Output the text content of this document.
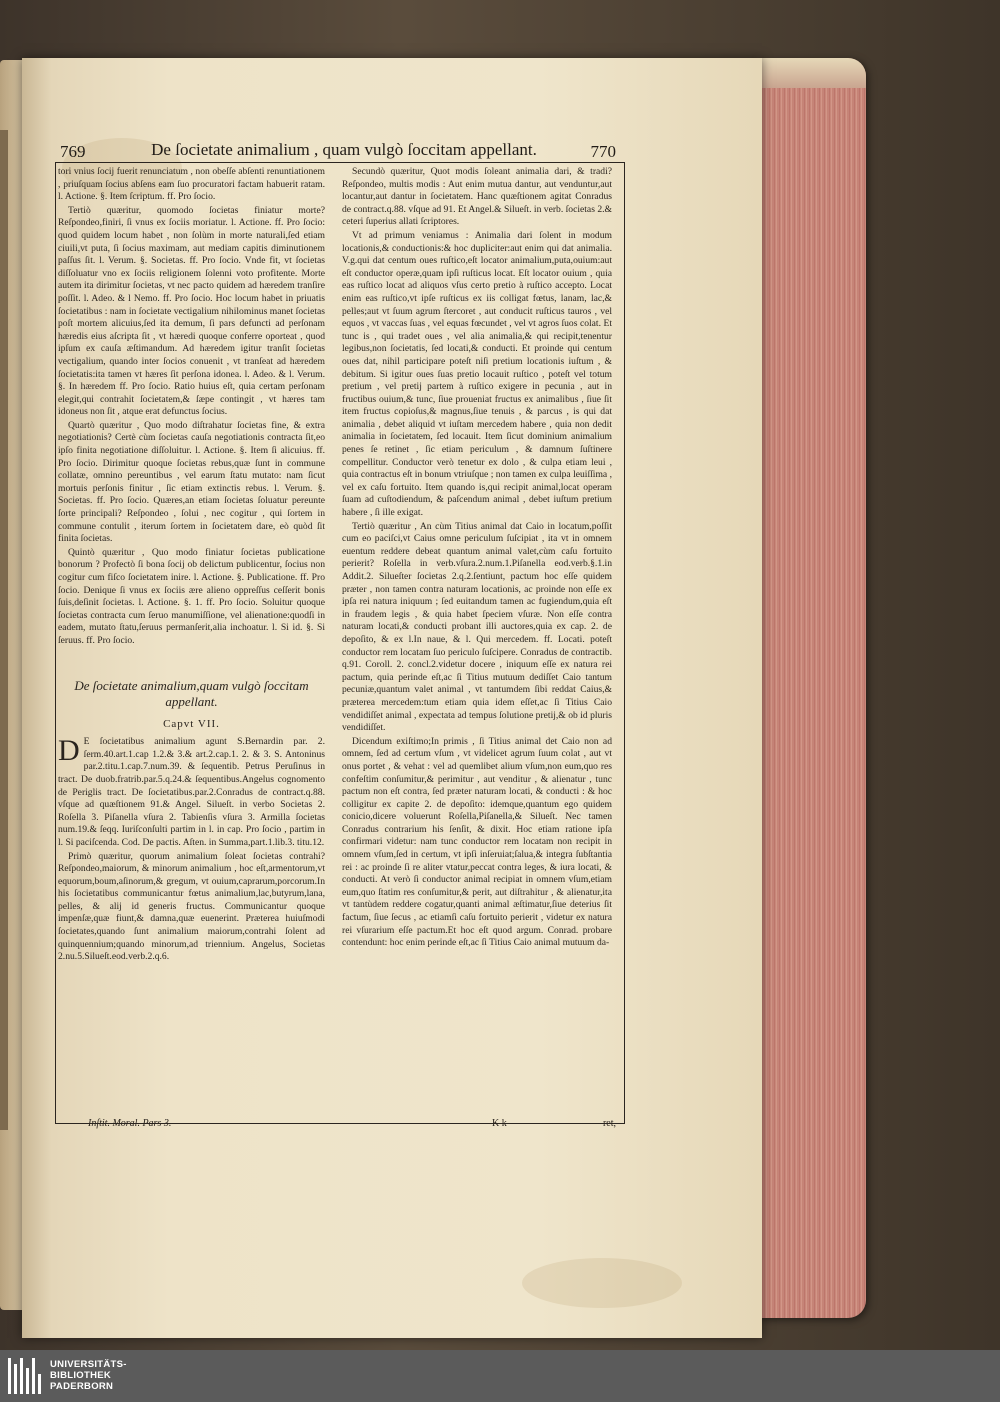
769	De ſocietate animalium , quam vulgò ſoccitam appellant.	770

tori vnius ſocij fuerit renunciatum , non obeſſe abſenti renuntiationem , priuſquam ſocius abſens eam ſuo procuratori factam habuerit ratam. l. Actione. §. Item ſcriptum. ff. Pro ſocio.

Tertiò quæritur, quomodo ſocietas finiatur morte? Reſpondeo,finiri, ſi vnus ex ſociis moriatur. l. Actione. ff. Pro ſocio: quod quidem locum habet , non ſolùm in morte naturali,ſed etiam ciuili,vt puta, ſi ſocius maximam, aut mediam capitis diminutionem paſſus ſit. l. Verum. §. Societas. ff. Pro ſocio. Vnde fit, vt ſocietas diſſoluatur vno ex ſociis religionem ſolenni voto profitente. Morte autem ita dirimitur ſocietas, vt nec pacto quidem ad hæredem tranſire poſſit. l. Adeo. & l Nemo. ff. Pro ſocio. Hoc locum habet in priuatis ſocietatibus : nam in ſocietate vectigalium nihilominus manet ſocietas poſt mortem alicuius,ſed ita demum, ſi pars defuncti ad perſonam hæredis eius aſcripta ſit , vt hæredi quoque conferre oporteat , quod ipſum ex cauſa æſtimandum. Ad hæredem igitur tranſit ſocietas vectigalium, quando inter ſocios conuenit , vt tranſeat ad hæredem ſocietatis:ita tamen vt hæres ſit perſona idonea. l. Adeo. & l. Verum. §. In hæredem ff. Pro ſocio. Ratio huius eſt, quia certam perſonam elegit,qui contrahit ſocietatem,& ſæpe contingit , vt hæres tam idoneus non ſit , atque erat defunctus ſocius.

Quartò quæritur , Quo modo diſtrahatur ſocietas fine, & extra negotiationis? Certè cùm ſocietas cauſa negotiationis contracta ſit,eo ipſo finita negotiatione diſſoluitur. l. Actione. §. Item ſi alicuius. ff. Pro ſocio. Dirimitur quoque ſocietas rebus,quæ ſunt in commune collatæ, omnino pereuntibus , vel earum ſtatu mutato: nam ſicut mortuis perſonis finitur , ſic etiam extinctis rebus. l. Verum. §. Societas. ff. Pro ſocio. Quæres,an etiam ſocietas ſoluatur pereunte ſorte principali? Reſpondeo , ſolui , nec cogitur , qui ſortem in commune contulit , iterum ſortem in ſocietatem dare, eò quòd ſit finita ſocietas.

Quintò quæritur , Quo modo finiatur ſocietas publicatione bonorum ? Profectò ſi bona ſocij ob delictum publicentur, ſocius non cogitur cum fiſco ſocietatem inire. l. Actione. §. Publicatione. ff. Pro ſocio. Denique ſi vnus ex ſociis ære alieno oppreſſus ceſſerit bonis ſuis,deſinit ſocietas. l. Actione. §. 1. ff. Pro ſocio. Soluitur quoque ſocietas contracta cum ſeruo manumiſſione, vel alienatione:quodſi in eadem, mutato ſtatu,ſeruus permanſerit,alia inchoatur. l. Si id. §. Si ſeruus. ff. Pro ſocio.

De ſocietate animalium,quam vulgò ſoccitam appellant.
Capvt VII.

D E ſocietatibus animalium agunt S.Bernardin par. 2. ſerm.40.art.1.cap 1.2.& 3.& art.2.cap.1. 2. & 3. S. Antoninus par.2.titu.1.cap.7.num.39. & ſequentib. Petrus Peruſinus in tract. De duob.fratrib.par.5.q.24.& ſequentibus.Angelus cognomento de Periglis tract. De ſocietatibus.par.2.Conradus de contract.q.88. vſque ad quæſtionem 91.& Angel. Silueſt. in verbo Societas 2. Roſella 3. Piſanella vſura 2. Tabienſis vſura 3. Armilla ſocietas num.19.& ſeqq. Iuriſconſulti partim in l. in cap. Pro ſocio , partim in l. Si paciſcenda. Cod. De pactis. Aſten. in Summa,part.1.lib.3. titu.12.

Primò quæritur, quorum animalium ſoleat ſocietas contrahi? Reſpondeo,maiorum, & minorum animalium , hoc eſt,armentorum,vt equorum,boum,aſinorum,& gregum, vt ouium,caprarum,porcorum.In his ſocietatibus communicantur fœtus animalium,lac,butyrum,lana, pelles, & alij id generis fructus. Communicantur quoque impenſæ,quæ fiunt,& damna,quæ euenerint. Præterea huiuſmodi ſocietates,quando ſunt animalium maiorum,contrahi ſolent ad quinquennium;quando minorum,ad triennium. Angelus, Societas 2.nu.5.Silueſt.eod.verb.2.q.6.

Secundò quæritur, Quot modis ſoleant animalia dari, & tradi? Reſpondeo, multis modis : Aut enim mutua dantur, aut venduntur,aut locantur,aut dantur in ſocietatem. Hanc quæſtionem agitat Conradus de contract.q.88. vſque ad 91. Et Angel.& Silueſt. in verb. ſocietas 2.& ceteri ſuperius allati ſcriptores.

Vt ad primum veniamus : Animalia dari ſolent in modum locationis,& conductionis:& hoc dupliciter:aut enim qui dat animalia. V.g.qui dat centum oues ruſtico,eſt locator animalium,puta,ouium:aut eſt conductor operæ,quam ipſi ruſticus locat. Eſt locator ouium , quia eas ruſtico locat ad aliquos vſus certo pretio à ruſtico accepto. Locat enim eas ruſtico,vt ipſe ruſticus ex iis colligat fœtus, lanam, lac,& pelles;aut vt ſuum agrum ſtercoret , aut conducit ruſticus tauros , vel equos , vt vaccas ſuas , vel equas fœcundet , vel vt agros ſuos colat. Et tunc is , qui tradet oues , vel alia animalia,& qui recipit,tenentur legibus,non ſocietatis, ſed locati,& conducti. Et proinde qui centum oues dat, nihil participare poteſt niſi pretium locationis iuſtum , & debitum. Si igitur oues ſuas pretio locauit ruſtico , poteſt vel totum pretium , vel pretij partem à ruſtico exigere in pecunia , aut in fructibus ouium,& tunc, ſiue proueniat fructus ex animalibus , ſiue ſit item fructus copioſus,& magnus,ſiue tenuis , & parcus , is qui dat animalia , debet aliquid vt iuſtam mercedem habere , quia non dedit animalia in ſocietatem, ſed locauit. Item ſicut dominium animalium penes ſe retinet , ſic etiam periculum , & damnum ſuſtinere compellitur. Conductor verò tenetur ex dolo , & culpa etiam leui , quia contractus eſt in bonum vtriuſque ; non tamen ex culpa leuiſſima , vel ex caſu fortuito. Item quando is,qui recipit animal,locat operam ſuam ad cuſtodiendum, & paſcendum animal , debet iuſtum pretium habere , ſi ille exigat.

Tertiò quæritur , An cùm Titius animal dat Caio in locatum,poſſit cum eo paciſci,vt Caius omne periculum ſuſcipiat , ita vt in omnem euentum reddere debeat quantum animal valet,cùm caſu fortuito perierit? Roſella in verb.vſura.2.num.1.Piſanella eod.verb.§.1.in Addit.2. Silueſter ſocietas 2.q.2.ſentiunt, pactum hoc eſſe quidem præter , non tamen contra naturam locationis, ac proinde non eſſe ex ipſa rei natura iniquum ; ſed euitandum tamen ac fugiendum,quia eſt in fraudem legis , & quia habet ſpeciem vſuræ. Non eſſe contra naturam locati,& conducti probant illi auctores,quia ex cap. 2. de depoſito, & ex l.In naue, & l. Qui mercedem. ff. Locati. poteſt conductor rem locatam ſuo periculo ſuſcipere. Conradus de contractib. q.91. Coroll. 2. concl.2.videtur docere , iniquum eſſe ex natura rei pactum, quia perinde eſt,ac ſi Titius mutuum dediſſet Caio tantum pecuniæ,quantum valet animal , vt tantumdem ſibi reddat Caius,& præterea mercedem:tum etiam quia idem eſſet,ac ſi Titius Caio vendidiſſet animal , expectata ad tempus ſolutione pretij,& ob id pluris vendidiſſet.

Dicendum exiſtimo;In primis , ſi Titius animal det Caio non ad omnem, ſed ad certum vſum , vt videlicet agrum ſuum colat , aut vt onus portet , & vehat : vel ad quemlibet alium vſum,non eum,quo res confeſtim conſumitur,& perimitur , aut venditur , & alienatur , tunc pactum non eſt contra, ſed præter naturam locati, & conducti : & hoc colligitur ex capite 2. de depoſito: idemque,quantum ego quidem conicio,dicere voluerunt Roſella,Piſanella,& Silueſt. Nec tamen Conradus contrarium his ſenſit, & dixit. Hoc etiam ratione ipſa confirmari videtur: nam tunc conductor rem locatam non recipit in omnem vſum,ſed in certum, vt ipſi inſeruiat;ſalua,& integra ſubſtantia rei : ac proinde ſi re aliter vtatur,peccat contra leges, & iura locati, & conducti. At verò ſi conductor animal recipiat in omnem vſum,etiam eum,quo ſtatim res conſumitur,& perit, aut diſtrahitur , & alienatur,ita vt tantùdem reddere cogatur,quanti animal æſtimatur,ſiue deterius ſit factum, ſiue ſecus , ac etiamſi caſu fortuito perierit , videtur ex natura rei vſurarium eſſe pactum.Et hoc eſt quod argum. Conrad. probare contendunt: hoc enim perinde eſt,ac ſi Titius Caio animal mutuum da-

Inſtit. Moral. Pars 3.	K k	ret,
UNIVERSITÄTS-
BIBLIOTHEK
PADERBORN
